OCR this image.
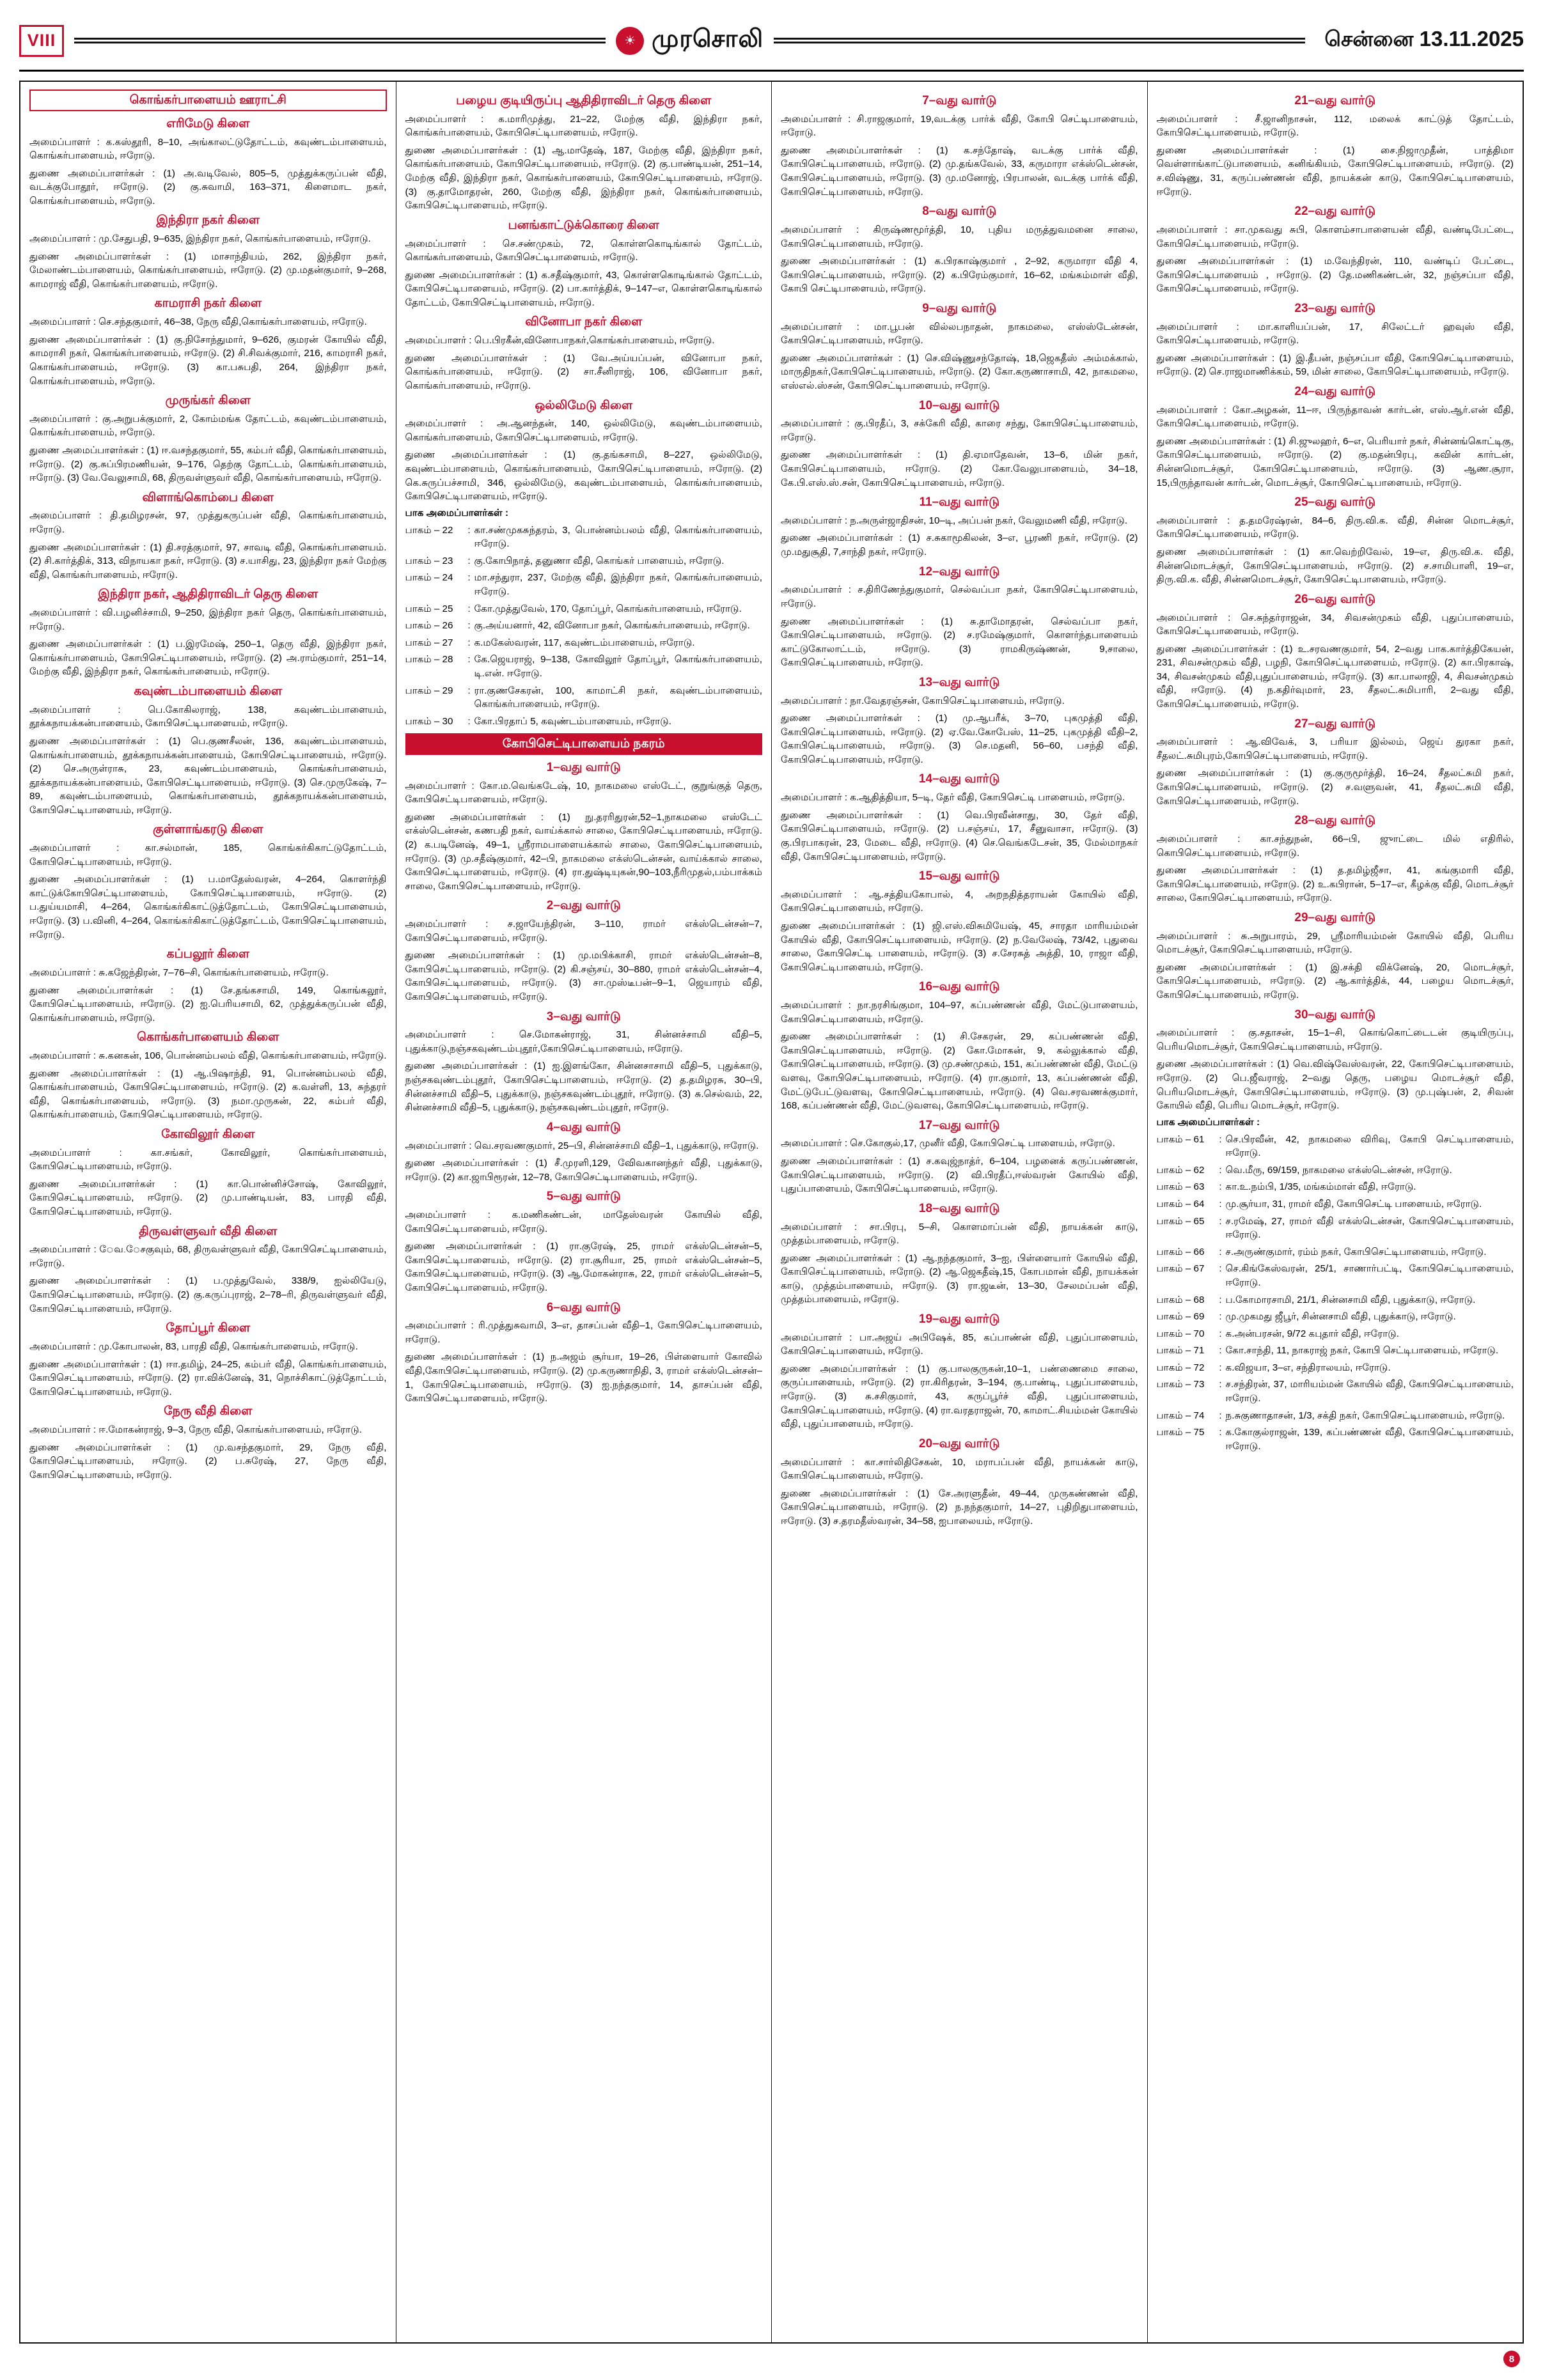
VIII	☀ முரசொலி	சென்னை 13.11.2025
கொங்கர்பாளையம் ஊராட்சி
எரிமேடு கிளை

அமைப்பாளர் : க.கஸ்தூரி, 8–10, அங்காலட்டுதோட்டம், கவுண்டம்பாளையம், கொங்கர்பாளையம், ஈரோடு.

துணை அமைப்பாளர்கள் : (1) அ.வடிவேல், 805–5, முத்துக்கருப்பன் வீதி, வடக்குபோதூர், ஈரோடு. (2) கு.சுவாமி, 163–371, கிளைமாட நகர், கொங்கர்பாளையம், ஈரோடு.

இந்திரா நகர் கிளை

அமைப்பாளர் : மு.சேதுபதி, 9–635, இந்திரா நகர், கொங்கர்பாளையம், ஈரோடு.

துணை அமைப்பாளர்கள் : (1) மாசாந்தியம், 262, இந்திரா நகர், மேலாண்டம்பாளையம், கொங்கர்பாளையம், ஈரோடு. (2) மு.மதன்குமார், 9–268, காமராஜ் வீதி, கொங்கர்பாளையம், ஈரோடு.

காமராசி நகர் கிளை

அமைப்பாளர் : செ.சந்தகுமார், 46–38, நேரு வீதி,கொங்கர்பாளையம், ஈரோடு.

துணை அமைப்பாளர்கள் : (1) கு.நிசோந்துமார், 9–626, குமரன் கோயில் வீதி, காமராசி நகர், கொங்கர்பாளையம், ஈரோடு. (2) சி.சிவக்குமார், 216, காமராசி நகர், கொங்கர்பாளையம், ஈரோடு. (3) கா.பசுபதி, 264, இந்திரா நகர், கொங்கர்பாளையம், ஈரோடு.

முருங்கர் கிளை

அமைப்பாளர் : கு.அறுபக்குமார், 2, கோம்மங்க தோட்டம், கவுண்டம்பாளையம், கொங்கர்பாளையம், ஈரோடு.

துணை அமைப்பாளர்கள் : (1) ஈ.வசந்தகுமார், 55, கம்பர் வீதி, கொங்கர்பாளையம், ஈரோடு. (2) கு.சுப்பிரமணியன், 9–176, தெற்கு தோட்டம், கொங்கர்பாளையம், ஈரோடு. (3) வே.வேலுசாமி, 68, திருவள்ளுவர் வீதி, கொங்கர்பாளையம், ஈரோடு.

விளாங்கொம்பை கிளை

அமைப்பாளர் : தி.தமிழரசன், 97, முத்துகருப்பன் வீதி, கொங்கர்பாளையம், ஈரோடு.

துணை அமைப்பாளர்கள் : (1) தி.சரத்குமார், 97, சாவடி வீதி, கொங்கர்பாளையம். (2) சி.கார்த்திக், 313, விநாயகா நகர், ஈரோடு. (3) ச.யாசிது, 23, இந்திரா நகர் மேற்கு வீதி, கொங்கர்பாளையம், ஈரோடு.

இந்திரா நகர், ஆதிதிராவிடர் தெரு கிளை

அமைப்பாளர் : வி.பழனிச்சாமி, 9–250, இந்திரா நகர் தெரு, கொங்கர்பாளையம், ஈரோடு.

துணை அமைப்பாளர்கள் : (1) ப.இரமேஷ், 250–1, தெரு வீதி, இந்திரா நகர், கொங்கர்பாளையம், கோபிசெட்டிபாளையம், ஈரோடு. (2) அ.ராம்குமார், 251–14, மேற்கு வீதி, இந்திரா நகர், கொங்கர்பாளையம், ஈரோடு.

கவுண்டம்பாளையம் கிளை

அமைப்பாளர் : பெ.கோகிலராஜ், 138, கவுண்டம்பாளையம், தூக்கநாயக்கன்பாளையம், கோபிசெட்டிபாளையம், ஈரோடு.

துணை அமைப்பாளர்கள் : (1) பெ.குணசீலன், 136, கவுண்டம்பாளையம், கொங்கர்பாளையம், தூக்கநாயக்கன்பாளையம், கோபிசெட்டிபாளையம், ஈரோடு. (2) செ.அருள்ராசு, 23, கவுண்டம்பாளையம், கொங்கர்பாளையம், தூக்கநாயக்கன்பாளையம், கோபிசெட்டிபாளையம், ஈரோடு. (3) செ.முருகேஷ், 7–89, கவுண்டம்பாளையம், கொங்கர்பாளையம், தூக்கநாயக்கன்பாளையம், கோபிசெட்டிபாளையம், ஈரோடு.

குள்ளாங்கரடு கிளை

அமைப்பாளர் : கா.சல்மான், 185, கொங்கர்கிகாட்டுதோட்டம், கோபிசெட்டிபாளையம், ஈரோடு.

துணை அமைப்பாளர்கள் : (1) ப.மாதேஸ்வரன், 4–264, கொளர்ந்தி காட்டுக்கோபிசெட்டிபாளையம், கோபிசெட்டிபாளையம், ஈரோடு. (2) ப.துய்யமாசி, 4–264, கொங்கர்கிகாட்டுத்தோட்டம், கோபிசெட்டிபாளையம், ஈரோடு. (3) ப.வினி, 4–264, கொங்கர்கிகாட்டுத்தோட்டம், கோபிசெட்டிபாளையம், ஈரோடு.

கப்பலூர் கிளை

அமைப்பாளர் : சு.கஜேந்திரன், 7–76–சி, கொங்கர்பாளையம், ஈரோடு.

துணை அமைப்பாளர்கள் : (1) சே.தங்கசாமி, 149, கொங்கலூர், கோபிசெட்டிபாளையம், ஈரோடு. (2) ஐ.பெரியசாமி, 62, முத்துக்கருப்பன் வீதி, கொங்கர்பாளையம், ஈரோடு.

கொங்கர்பாளையம் கிளை

அமைப்பாளர் : சு.கனகன், 106, பொன்னம்பலம் வீதி, கொங்கர்பாளையம், ஈரோடு.

துணை அமைப்பாளர்கள் : (1) ஆ.பிஷாந்தி, 91, பொன்னம்பலம் வீதி, கொங்கர்பாளையம், கோபிசெட்டிபாளையம், ஈரோடு. (2) க.வள்ளி, 13, சுந்தரர் வீதி, கொங்கர்பாளையம், ஈரோடு. (3) நமா.முருகன், 22, கம்பர் வீதி, கொங்கர்பாளையம், கோபிசெட்டிபாளையம், ஈரோடு.

கோவிலூர் கிளை

அமைப்பாளர் : கா.சங்கர், கோவிலூர், கொங்கர்பாளையம், கோபிசெட்டிபாளையம், ஈரோடு.

துணை அமைப்பாளர்கள் : (1) கா.பொன்னிச்சோஷ், கோவிலூர், கோபிசெட்டிபாளையம், ஈரோடு. (2) மு.பாண்டியன், 83, பாரதி வீதி, கோபிசெட்டிபாளையம், ஈரோடு.

திருவள்ளுவர் வீதி கிளை

அமைப்பாளர் : ேவ.ேசகுவும், 68, திருவள்ளுவர் வீதி, கோபிசெட்டிபாளையம், ஈரோடு.

துணை அமைப்பாளர்கள் : (1) ப.முத்துவேல், 338/9, ஐல்லியேடு, கோபிசெட்டிபாளையம், ஈரோடு. (2) கு.கருப்புராஜ், 2–78–ரி, திருவள்ளுவர் வீதி, கோபிசெட்டிபாளையம், ஈரோடு.

தோப்பூர் கிளை

அமைப்பாளர் : மு.கோபாலன், 83, பாரதி வீதி, கொங்கர்பாளையம், ஈரோடு.

துணை அமைப்பாளர்கள் : (1) ஈா.தமிழ், 24–25, கம்பர் வீதி, கொங்கர்பாளையம், கோபிசெட்டிபாளையம், ஈரோடு. (2) ரா.விக்னேஷ், 31, நொச்சிகாட்டுத்தோட்டம், கோபிசெட்டிபாளையம், ஈரோடு.

நேரு வீதி கிளை

அமைப்பாளர் : ஈ.மோகன்ராஜ், 9–3, நேரு வீதி, கொங்கர்பாளையம், ஈரோடு.

துணை அமைப்பாளர்கள் : (1) மு.வசந்தகுமார், 29, நேரு வீதி, கோபிசெட்டிபாளையம், ஈரோடு. (2) ப.சுரேஷ், 27, நேரு வீதி, கோபிசெட்டிபாளையம், ஈரோடு.

பழைய குடியிருப்பு ஆதிதிராவிடர் தெரு கிளை

அமைப்பாளர் : க.மாரிமுத்து, 21–22, மேற்கு வீதி, இந்திரா நகர், கொங்கர்பாளையம், கோபிசெட்டிபாளையம், ஈரோடு.

துணை அமைப்பாளர்கள் : (1) ஆ.மாதேஷ், 187, மேற்கு வீதி, இந்திரா நகர், கொங்கர்பாளையம், கோபிசெட்டிபாளையம், ஈரோடு. (2) கு.பாண்டியன், 251–14, மேற்கு வீதி, இந்திரா நகர், கொங்கர்பாளையம், கோபிசெட்டிபாளையம், ஈரோடு. (3) கு.தாமோதரன், 260, மேற்கு வீதி, இந்திரா நகர், கொங்கர்பாளையம், கோபிசெட்டிபாளையம், ஈரோடு.

பனங்காட்டுக்கொரை கிளை

அமைப்பாளர் : செ.சண்முகம், 72, கொள்ளகொடிங்கால் தோட்டம், கொங்கர்பாளையம், கோபிசெட்டிபாளையம், ஈரோடு.

துணை அமைப்பாளர்கள் : (1) க.சதீஷ்குமார், 43, கொள்ளகொடிங்கால் தோட்டம், கோபிசெட்டிபாளையம், ஈரோடு. (2) பா.கார்த்திக், 9–147–எ, கொள்ளகொடிங்கால் தோட்டம், கோபிசெட்டிபாளையம், ஈரோடு.

வினோபா நகர் கிளை

அமைப்பாளர் : பெ.பிரகீன்,வினோபாநகர்,கொங்கர்பாளையம், ஈரோடு.

துணை அமைப்பாளர்கள் : (1) வே.அய்யப்பன், வினோபா நகர், கொங்கர்பாளையம், ஈரோடு. (2) சா.சீனிராஜ், 106, வினோபா நகர், கொங்கர்பாளையம், ஈரோடு.

ஒல்லிமேடு கிளை

அமைப்பாளர் : அ.ஆனந்தன், 140, ஒல்லிமேடு, கவுண்டம்பாளையம், கொங்கர்பாளையம், கோபிசெட்டிபாளையம், ஈரோடு.

துணை அமைப்பாளர்கள் : (1) கு.தங்கசாமி, 8–227, ஒல்லிமேடு, கவுண்டம்பாளையம், கொங்கர்பாளையம், கோபிசெட்டிபாளையம், ஈரோடு. (2) கெ.சுருப்பச்சாமி, 346, ஒல்லிமேடு, கவுண்டம்பாளையம், கொங்கர்பாளையம், கோபிசெட்டிபாளையம், ஈரோடு.

பாக அமைப்பாளர்கள் :
பாகம் – 22	: கா.சண்முகசுந்தரம், 3, பொன்னம்பலம் வீதி, கொங்கர்பாளையம், ஈரோடு.
பாகம் – 23	: கு.கோபிநாத், தனுணா வீதி, கொங்கர் பாளையம், ஈரோடு.
பாகம் – 24	: மா.சந்துரா, 237, மேற்கு வீதி, இந்திரா நகர், கொங்கர்பாளையம், ஈரோடு.
பாகம் – 25	: கோ.முத்துவேல், 170, தோப்பூர், கொங்கர்பாளையம், ஈரோடு.
பாகம் – 26	: கு.அய்யனார், 42, வினோபா நகர், கொங்கர்பாளையம், ஈரோடு.
பாகம் – 27	: க.மகேஸ்வரன், 117, கவுண்டம்பாளையம், ஈரோடு.
பாகம் – 28	: கே.ஜெயராஜ், 9–138, கோவிலூர் தோப்பூர், கொங்கர்பாளையம், டி.என். ஈரோடு.
பாகம் – 29	: ரா.குணசேகரன், 100, காமாட்சி நகர், கவுண்டம்பாளையம், கொங்கர்பாளையம், ஈரோடு.
பாகம் – 30	: கோ.பிரதாப் 5, கவுண்டம்பாளையம், ஈரோடு.
கோபிசெட்டிபாளையம் நகரம்
1–வது வார்டு

அமைப்பாளர் : கோ.ம.வெங்கடேஷ், 10, நாகமலை எஸ்டேட், குறுங்குத் தெரு, கோபிசெட்டிபாளையம், ஈரோடு.

துணை அமைப்பாளர்கள் : (1) நு.தரரிதுரன்,52–1,நாகமலை எஸ்டேட் எக்ஸ்டென்சன், கணபதி நகர், வாய்க்கால் சாலை, கோபிசெட்டிபாளையம், ஈரோடு. (2) க.படினேஷ், 49–1, ஸ்ரீராமபாளையக்கால் சாலை, கோபிசெட்டிபாளையம், ஈரோடு. (3) மு.சதீஷ்குமார், 42–பி, நாகமலை எக்ஸ்டென்சன், வாய்க்கால் சாலை, கோபிசெட்டிபாளையம், ஈரோடு. (4) ரா.துஷ்டியுகன்,90–103,நீரிமுதல்,பம்பாக்கம் சாலை, கோபிசெட்டிபாளையம், ஈரோடு.

2–வது வார்டு

அமைப்பாளர் : ச.ஜாயேந்திரன், 3–110, ராமர் எக்ஸ்டென்சன்–7, கோபிசெட்டிபாளையம், ஈரோடு.

துணை அமைப்பாளர்கள் : (1) மு.மபிக்காசி, ராமர் எக்ஸ்டென்சன்–8, கோபிசெட்டிபாளையம், ஈரோடு. (2) கி.சஞ்சய், 30–880, ராமர் எக்ஸ்டென்சன்–4, கோபிசெட்டிபாளையம், ஈரோடு. (3) சா.முஸ்டீபன்–9–1, ஜெயாரம் வீதி, கோபிசெட்டிபாளையம், ஈரோடு.

3–வது வார்டு

அமைப்பாளர் : செ.மோகன்ராஜ், 31, சின்னச்சாமி வீதி–5, புதுக்காடு,நஞ்சகவுண்டம்புதூர்,கோபிசெட்டிபாளையம், ஈரோடு.

துணை அமைப்பாளர்கள் : (1) ஐ.இளங்கோ, சின்னசாசாமி வீதி–5, புதுக்காடு, நஞ்சகவுண்டம்புதூர், கோபிசெட்டிபாளையம், ஈரோடு. (2) த.தமிழரசு, 30–பி, சின்னச்சாமி வீதி–5, புதுக்காடு, நஞ்சகவுண்டம்புதூர், ஈரோடு. (3) சு.செல்வம், 22, சின்னச்சாமி வீதி–5, புதுக்காடு, நஞ்சகவுண்டம்புதூர், ஈரோடு.

4–வது வார்டு

அமைப்பாளர் : வெ.சரவணகுமார், 25–பி, சின்னச்சாமி வீதி–1, புதுக்காடு, ஈரோடு.

துணை அமைப்பாளர்கள் : (1) சீ.முரளி,129, விேவகானந்தர் வீதி, புதுக்காடு, ஈரோடு. (2) கா.ஜாபிரூரன், 12–78, கோபிசெட்டிபாளையம், ஈரோடு.

5–வது வார்டு

அமைப்பாளர் : க.மணிகண்டன், மாதேஸ்வரன் கோயில் வீதி, கோபிசெட்டிபாளையம், ஈரோடு.

துணை அமைப்பாளர்கள் : (1) ரா.குரேஷ், 25, ராமர் எக்ஸ்டென்சன்–5, கோபிசெட்டிபாளையம், ஈரோடு. (2) ரா.சூரியா, 25, ராமர் எக்ஸ்டென்சன்–5, கோபிசெட்டிபாளையம், ஈரோடு. (3) ஆ.மோகன்ராசு, 22, ராமர் எக்ஸ்டென்சன்–5, கோபிசெட்டிபாளையம், ஈரோடு.

6–வது வார்டு

அமைப்பாளர் : ரி.முத்துசுவாமி, 3–எ, தாசப்பன் வீதி–1, கோபிசெட்டிபாளையம், ஈரோடு.

துணை அமைப்பாளர்கள் : (1) ந.அஜம் சூர்யா, 19–26, பிள்ளையார் கோவில் வீதி,கோபிசெட்டிபாளையம், ஈரோடு. (2) மு.கருணாநிதி, 3, ராமர் எக்ஸ்டென்சன்–1, கோபிசெட்டிபாளையம், ஈரோடு. (3) ஐ.நந்தகுமார், 14, தாசப்பன் வீதி, கோபிசெட்டிபாளையம், ஈரோடு.

7–வது வார்டு

அமைப்பாளர் : சி.ராஜகுமார், 19,வடக்கு பார்க் வீதி, கோபி செட்டிபாளையம், ஈரோடு.

துணை அமைப்பாளர்கள் : (1) க.சந்தோஷ், வடக்கு பார்க் வீதி, கோபிசெட்டிபாளையம், ஈரோடு. (2) மு.தங்கவேல், 33, கருமாரா எக்ஸ்டென்சன், கோபிசெட்டிபாளையம், ஈரோடு. (3) மு.மனோஜ், பிரபாலன், வடக்கு பார்க் வீதி, கோபிசெட்டிபாளையம், ஈரோடு.

8–வது வார்டு

அமைப்பாளர் : கிருஷ்ணமூர்த்தி, 10, புதிய மருத்துவமனை சாலை, கோபிசெட்டிபாளையம், ஈரோடு.

துணை அமைப்பாளர்கள் : (1) க.பிரகாஷ்குமார் , 2–92, கருமாரா வீதி 4, கோபிசெட்டிபாளையம், ஈரோடு. (2) க.பிரேம்குமார், 16–62, மங்கம்மாள் வீதி, கோபி செட்டிபாளையம், ஈரோடு.

9–வது வார்டு

அமைப்பாளர் : மா.பூபன் வில்லபநாதன், நாகமலை, எஸ்ஸ்டேன்சன், கோபிசெட்டிபாளையம், ஈரோடு.

துணை அமைப்பாளர்கள் : (1) செ.விஷ்ணுசந்தோஷ், 18,ஜெகதீஸ் அம்மக்கால், மாருதிநகர்,கோபிசெட்டிபாளையம், ஈரோடு. (2) கோ.கருணாசாமி, 42, நாகமலை, எஸ்எல்.ஸ்சன், கோபிசெட்டிபாளையம், ஈரோடு.

10–வது வார்டு

அமைப்பாளர் : கு.பிரதீப், 3, சக்கேரி வீதி, காரை சந்து, கோபிசெட்டிபாளையம், ஈரோடு.

துணை அமைப்பாளர்கள் : (1) தி.ஏமாதேவன், 13–6, மின் நகர், கோபிசெட்டிபாளையம், ஈரோடு. (2) கோ.வேலுபாளையம், 34–18, கே.பி.எஸ்.ஸ்.சன், கோபிசெட்டிபாளையம், ஈரோடு.

11–வது வார்டு

அமைப்பாளர் : ந.அருள்ஜாதிசன், 10–டி, அப்பன் நகர், வேலுமணி வீதி, ஈரோடு.

துணை அமைப்பாளர்கள் : (1) ச.சுகாமூகிலன், 3–எ, பூரணி நகர், ஈரோடு. (2) மு.மதுசூதி, 7,சாந்தி நகர், ஈரோடு.

12–வது வார்டு

அமைப்பாளர் : ச.திரிணேந்துகுமார், செல்வப்பா நகர், கோபிசெட்டிபாளையம், ஈரோடு.

துணை அமைப்பாளர்கள் : (1) சு.தாமோதரன், செல்வப்பா நகர், கோபிசெட்டிபாளையம், ஈரோடு. (2) ச.ரமேஷ்குமார், கொளர்ந்தபாளையம் காட்டுகோலாட்டம், ஈரோடு. (3) ராமகிருஷ்ணன், 9,சாலை, கோபிசெட்டிபாளையம், ஈரோடு.

13–வது வார்டு

அமைப்பாளர் : நா.வேதரஞ்சன், கோபிசெட்டிபாளையம், ஈரோடு.

துணை அமைப்பாளர்கள் : (1) மு.ஆபரீக், 3–70, புகமுத்தி வீதி, கோபிசெட்டிபாளையம், ஈரோடு. (2) ஏ.வே.கோபேஸ், 11–25, புகமுத்தி வீதி–2, கோபிசெட்டிபாளையம், ஈரோடு. (3) செ.மதனி, 56–60, பசந்தி வீதி, கோபிசெட்டிபாளையம், ஈரோடு.

14–வது வார்டு

அமைப்பாளர் : க.ஆதித்தியா, 5–டி, தேர் வீதி, கோபிசெட்டி பாளையம், ஈரோடு.

துணை அமைப்பாளர்கள் : (1) வெ.பிரவீன்சாது, 30, தேர் வீதி, கோபிசெட்டிபாளையம், ஈரோடு. (2) ப.சஞ்சய், 17, சீனுவாசா, ஈரோடு. (3) கு.பிரபாகரன், 23, மேடை வீதி, ஈரோடு. (4) செ.வெங்கடேசன், 35, மேல்மாநகர் வீதி, கோபிசெட்டிபாளையம், ஈரோடு.

15–வது வார்டு

அமைப்பாளர் : ஆ.சத்தியகோபால், 4, அறநதித்தராயன் கோயில் வீதி, கோபிசெட்டிபாளையம், ஈரோடு.

துணை அமைப்பாளர்கள் : (1) ஜி.எஸ்.விசுமியேஷ், 45, சாரதா மாரியம்மன் கோயில் வீதி, கோபிசெட்டிபாளையம், ஈரோடு. (2) ந.வேலேஷ், 73/42, புதுவை சாலை, கோபிசெட்டி பாளையம், ஈரோடு. (3) ச.சேரசுத் அத்தி, 10, ராஜா வீதி, கோபிசெட்டிபாளையம், ஈரோடு.

16–வது வார்டு

அமைப்பாளர் : நா.நரசிங்குமா, 104–97, கப்பண்ணன் வீதி, மேட்டுபாளையம், கோபிசெட்டிபாளையம், ஈரோடு.

துணை அமைப்பாளர்கள் : (1) சி.சேகரன், 29, கப்பண்ணன் வீதி, கோபிசெட்டிபாளையம், ஈரோடு. (2) கோ.மோகன், 9, கல்லுக்கால் வீதி, கோபிசெட்டிபாளையம், ஈரோடு. (3) மு.சண்முகம், 151, கப்பண்ணன் வீதி, மேட்டு வளவு, கோபிசெட்டிபாளையம், ஈரோடு. (4) ரா.குமார், 13, கப்பண்ணன் வீதி, மேட்டுபேட்டுவளவு, கோபிசெட்டிபாளையம், ஈரோடு. (4) வெ.சரவணக்குமார், 168, கப்பண்ணன் வீதி, மேட்டுவளவு, கோபிசெட்டிபாளையம், ஈரோடு.

17–வது வார்டு

அமைப்பாளர் : செ.கோகுல்,17, முனீர் வீதி, கோபிசெட்டி பாளையம், ஈரோடு.

துணை அமைப்பாளர்கள் : (1) ச.கவுஜ்நாத்ர், 6–104, பழனைக் கருப்பண்ணன், கோபிசெட்டிபாளையம், ஈரோடு. (2) வி.பிரதீப்,ஈஸ்வரன் கோயில் வீதி, புதுப்பாளையம், கோபிசெட்டிபாளையம், ஈரோடு.

18–வது வார்டு

அமைப்பாளர் : சா.பிரபு, 5–சி, கொளமாப்பன் வீதி, நாயக்கன் காடு, முத்தம்பாளையம், ஈரோடு.

துணை அமைப்பாளர்கள் : (1) ஆ.நந்தகுமார், 3–ஐ, பிள்ளையார் கோயில் வீதி, கோபிசெட்டிபாளையம், ஈரோடு. (2) ஆ.ஜெகதீஷ்,15, கோபமான் வீதி, நாயக்கன் காடு, முத்தம்பாளையம், ஈரோடு. (3) ரா.ஜடீன், 13–30, சேலமப்பன் வீதி, முத்தம்பாளையம், ஈரோடு.

19–வது வார்டு

அமைப்பாளர் : பா.அஜய் அபிஷேக், 85, கப்பாண்ன் வீதி, புதுப்பாளையம், கோபிசெட்டிபாளையம், ஈரோடு.

துணை அமைப்பாளர்கள் : (1) கு.பாலகுருகன்,10–1, பண்ணைமை சாலை, குருப்பாளையம், ஈரோடு. (2) ரா.கிரிதரன், 3–194, கு.பாண்டி, புதுப்பாளையம், ஈரோடு. (3) சு.சசிகுமார், 43, கருப்பூர்ச் வீதி, புதுப்பாளையம், கோபிசெட்டிபாளையம், ஈரோடு. (4) ரா.வரதராஜன், 70, காமாட்.சியம்மன் கோயில் வீதி, புதுப்பாளையம், ஈரோடு.

20–வது வார்டு

அமைப்பாளர் : கா.சார்லிதிசேகன், 10, மராபப்பன் வீதி, நாயக்கன் காடு, கோபிசெட்டிபாளையம், ஈரோடு.

துணை அமைப்பாளர்கள் : (1) சே.அரளுதீன், 49–44, முருகண்ணன் வீதி, கோபிசெட்டிபாளையம், ஈரோடு. (2) ந.நந்தகுமார், 14–27, புதிறிதுபாளையம், ஈரோடு. (3) ச.தரமதீஸ்வரன், 34–58, ஐபாலையம், ஈரோடு.

21–வது வார்டு

அமைப்பாளர் : சீ.ஜானிநாசன், 112, மலைக் காட்டுத் தோட்டம், கோபிசெட்டிபாளையம், ஈரோடு.

துணை அமைப்பாளர்கள் : (1) சை.நிஜாமுதீன், பாத்திமா வெள்ளாங்காட்டுபாளையம், கனிங்கியம், கோபிசெட்டிபாளையம், ஈரோடு. (2) ச.விஷ்ணு, 31, கருப்பண்ணன் வீதி, நாயக்கன் காடு, கோபிசெட்டிபாளையம், ஈரோடு.

22–வது வார்டு

அமைப்பாளர் : சா.முகவது சுபி, கொளம்சாபாளையன் வீதி, வண்டிபேட்டை, கோபிசெட்டிபாளையம், ஈரோடு.

துணை அமைப்பாளர்கள் : (1) ம.வேந்திரன், 110, வண்டிப் பேட்டை, கோபிசெட்டிபாளையம் , ஈரோடு. (2) தே.மணிகண்டன், 32, நஞ்சப்பா வீதி, கோபிசெட்டிபாளையம், ஈரோடு.

23–வது வார்டு

அமைப்பாளர் : மா.காளியப்பன், 17, சிலேட்டர் ஹவுஸ் வீதி, கோபிசெட்டிபாளையம், ஈரோடு.

துணை அமைப்பாளர்கள் : (1) இ.தீபன், நஞ்சப்பா வீதி, கோபிசெட்டிபாளையம், ஈரோடு. (2) செ.ராஜமாணிக்கம், 59, மின் சாலை, கோபிசெட்டிபாளையம், ஈரோடு.

24–வது வார்டு

அமைப்பாளர் : கோ.அழகன், 11–ஈ, பிருந்தாவன் கார்டன், எஸ்.ஆர்.என் வீதி, கோபிசெட்டிபாளையம், ஈரோடு.

துணை அமைப்பாளர்கள் : (1) சி.ஜுலஹர், 6–எ, பெரியார் நகர், சின்னங்கொட்டிகு, கோபிசெட்டிபாளையம், ஈரோடு. (2) கு.மதன்பிரபு, கவின் கார்டன், சின்னமொடச்சூர், கோபிசெட்டிபாளையம், ஈரோடு. (3) ஆண.சூரா, 15,பிருந்தாவன் கார்டன், மொடச்சூர், கோபிசெட்டிபாளையம், ஈரோடு.

25–வது வார்டு

அமைப்பாளர் : த.தமரேஷ்ரன், 84–6, திரு.வி.க. வீதி, சின்ன மொடச்சூர், கோபிசெட்டிபாளையம், ஈரோடு.

துணை அமைப்பாளர்கள் : (1) கா.வெற்றிவேல், 19–எ, திரு.வி.க. வீதி, சின்னமொடச்சூர், கோபிசெட்டிபாளையம், ஈரோடு. (2) ச.சாமிபாளி, 19–எ, திரு.வி.க. வீதி, சின்னமொடச்சூர், கோபிசெட்டிபாளையம், ஈரோடு.

26–வது வார்டு

அமைப்பாளர் : செ.சுந்தர்ராஜன், 34, சிவசன்முகம் வீதி, புதுப்பாளையம், கோபிசெட்டிபாளையம், ஈரோடு.

துணை அமைப்பாளர்கள் : (1) உ.சரவணகுமார், 54, 2–வது பாக.கார்த்திகேயன், 231, சிவசன்முகம் வீதி, பழநி, கோபிசெட்டிபாளையம், ஈரோடு. (2) கா.பிரகாஷ், 34, சிவசன்முகம் வீதி,புதுப்பாளையம், ஈரோடு. (3) கா.பாலாஜி, 4, சிவசன்முகம் வீதி, ஈரோடு. (4) ந.கதிர்வுமார், 23, சீதலட்.சுமிபாரி, 2–வது வீதி, கோபிசெட்டிபாளையம், ஈரோடு.

27–வது வார்டு

அமைப்பாளர் : ஆ.விவேக், 3, பரியா இல்லம், ஜெய் துரகா நகர், சீதலட்.சுமிபுரம்,கோபிசெட்டிபாளையம், ஈரோடு.

துணை அமைப்பாளர்கள் : (1) கு.குருமூர்த்தி, 16–24, சீதலட்சுமி நகர், கோபிசெட்டிபாளையம், ஈரோடு. (2) ச.வளுவன், 41, சீதலட்.சுமி வீதி, கோபிசெட்டிபாளையம், ஈரோடு.

28–வது வார்டு

அமைப்பாளர் : கா.சந்துநன், 66–பி, ஜுாட்டை மில் எதிரில், கொபிசெட்டிபாளையம், ஈரோடு.

துணை அமைப்பாளர்கள் : (1) த.தமிழ்ஜீசா, 41, கங்குமாரி வீதி, கோபிசெட்டிபாளையம், ஈரோடு. (2) உ.கபிரான், 5–17–எ, கீழக்கு வீதி, மொடச்சூர் சாலை, கோபிசெட்டிபாளையம், ஈரோடு.

29–வது வார்டு

அமைப்பாளர் : சு.அறுபாரம், 29, ஸ்ரீமாரியம்மன் கோயில் வீதி, பெரிய மொடச்சூர், கோபிசெட்டிபாளையம், ஈரோடு.

துணை அமைப்பாளர்கள் : (1) இ.சக்தி விக்னேஷ், 20, மொடச்சூர், கோபிசெட்டிபாளையம், ஈரோடு. (2) ஆ.கார்த்திக், 44, பழைய மொடச்சூர், கோபிசெட்டிபாளையம், ஈரோடு.

30–வது வார்டு

அமைப்பாளர் : கு.சதாசன், 15–1–சி, கொங்கொட்டைடன் குடியிருப்பு, பெரியமொடச்சூர், கோபிசெட்டிபாளையம், ஈரோடு.

துணை அமைப்பாளர்கள் : (1) வெ.விஷ்வேஸ்வரன், 22, கோபிசெட்டிபாளையம், ஈரோடு. (2) பெ.ஜீவராஜ், 2–வது தெரு, பழைய மொடச்சூர் வீதி, பெரியமொடச்சூர், கோபிசெட்டிபாளையம், ஈரோடு. (3) மு.புஷ்பன், 2, சிவன் கோயில் வீதி, பெரிய மொடச்சூர், ஈரோடு.

பாக அமைப்பாளர்கள் :
பாகம் – 61	: செ.பிரவீன், 42, நாகமலை விரிவு, கோபி செட்டிபாளையம், ஈரோடு.
பாகம் – 62	: வெ.மீரு, 69/159, நாகமலை எக்ஸ்டென்சன், ஈரோடு.
பாகம் – 63	: கா.உ.நம்பி, 1/35, மங்கம்மாள் வீதி, ஈரோடு.
பாகம் – 64	: மு.சூர்யா, 31, ராமர் வீதி, கோபிசெட்டி பாளையம், ஈரோடு.
பாகம் – 65	: ச.ரமேஷ், 27, ராமர் வீதி எக்ஸ்டென்சன், கோபிசெட்டிபாளையம், ஈரோடு.
பாகம் – 66	: ச.அருண்குமார், ரம்ம் நகர், கோபிசெட்டிபாளையம், ஈரோடு.
பாகம் – 67	: செ.கிங்கேஸ்வரன், 25/1, சாணார்பட்டி, கோபிசெட்டிபாளையம், ஈரோடு.
பாகம் – 68	: ப.கோமாரசாமி, 21/1, சின்னசாமி வீதி, புதுக்காடு, ஈரோடு.
பாகம் – 69	: மு.முகமது ஜீபூர், சின்னசாமி வீதி, புதுக்காடு, ஈரோடு.
பாகம் – 70	: க.அன்பரசன், 9/72 கபுதார் வீதி, ஈரோடு.
பாகம் – 71	: கோ.சாந்தி, 11, நாகராஜ் நகர், கோபி செட்டிபாளையம், ஈரோடு.
பாகம் – 72	: க.விஜயா, 3–எ, சந்திராலயம், ஈரோடு.
பாகம் – 73	: ச.சந்திரன், 37, மாரியம்மன் கோயில் வீதி, கோபிசெட்டிபாளையம், ஈரோடு.
பாகம் – 74	: ந.சுகுணாதாசன், 1/3, சக்தி நகர், கோபிசெட்டிபாளையம், ஈரோடு.
பாகம் – 75	: க.கோகுல்ராஜன், 139, கப்பண்ணன் வீதி, கோபிசெட்டிபாளையம், ஈரோடு.
8
